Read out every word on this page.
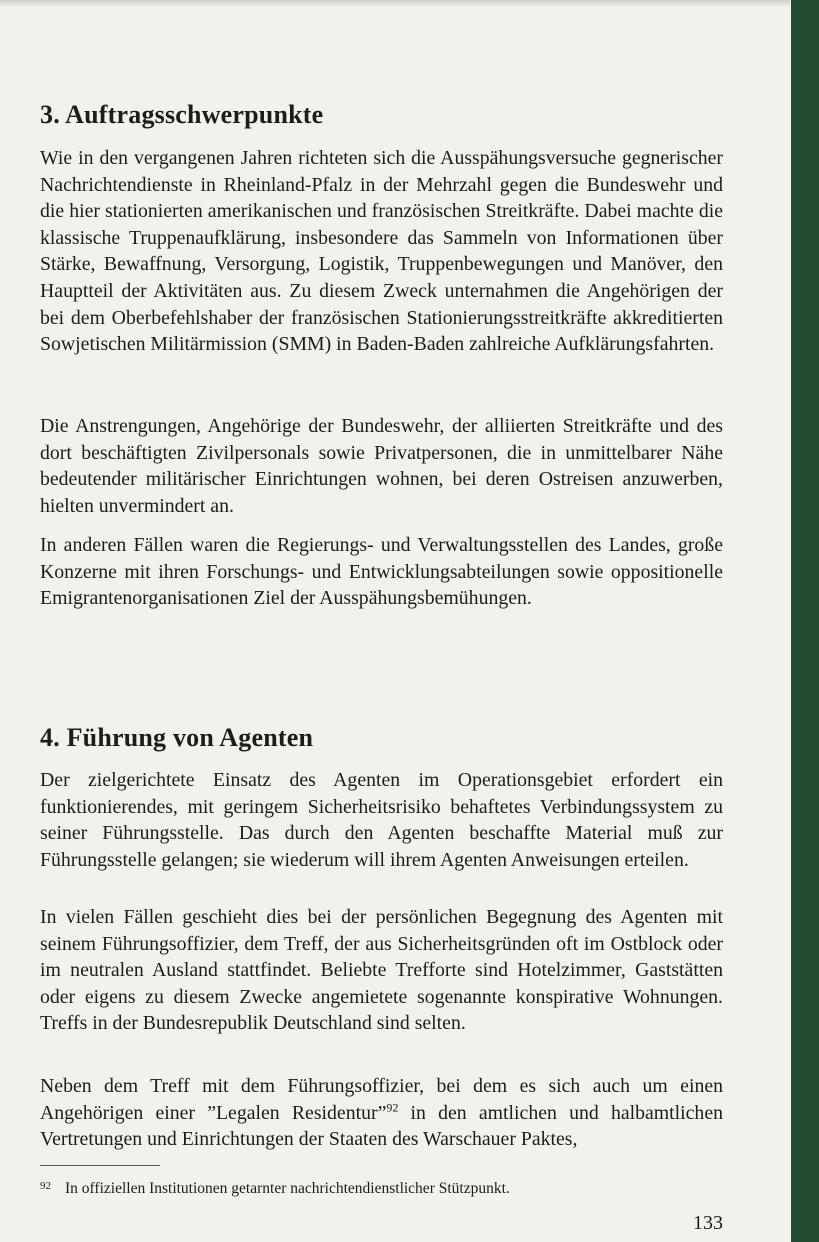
3. Auftragsschwerpunkte

Wie in den vergangenen Jahren richteten sich die Ausspähungsversuche gegnerischer Nachrichtendienste in Rheinland-Pfalz in der Mehrzahl gegen die Bundeswehr und die hier stationierten amerikanischen und französischen Streitkräfte. Dabei machte die klassische Truppenaufklärung, insbesondere das Sammeln von Informationen über Stärke, Bewaffnung, Versorgung, Logistik, Truppenbewegungen und Manöver, den Hauptteil der Aktivitäten aus. Zu diesem Zweck unternahmen die Angehörigen der bei dem Oberbefehlshaber der französischen Stationierungsstreitkräfte akkreditierten Sowjetischen Militärmission (SMM) in Baden-Baden zahlreiche Aufklärungsfahrten.

Die Anstrengungen, Angehörige der Bundeswehr, der alliierten Streitkräfte und des dort beschäftigten Zivilpersonals sowie Privatpersonen, die in unmittelbarer Nähe bedeutender militärischer Einrichtungen wohnen, bei deren Ostreisen anzuwerben, hielten unvermindert an.

In anderen Fällen waren die Regierungs- und Verwaltungsstellen des Landes, große Konzerne mit ihren Forschungs- und Entwicklungsabteilungen sowie oppositionelle Emigrantenorganisationen Ziel der Ausspähungsbemühungen.

4. Führung von Agenten

Der zielgerichtete Einsatz des Agenten im Operationsgebiet erfordert ein funktionierendes, mit geringem Sicherheitsrisiko behaftetes Verbindungssystem zu seiner Führungsstelle. Das durch den Agenten beschaffte Material muß zur Führungsstelle gelangen; sie wiederum will ihrem Agenten Anweisungen erteilen.

In vielen Fällen geschieht dies bei der persönlichen Begegnung des Agenten mit seinem Führungsoffizier, dem Treff, der aus Sicherheitsgründen oft im Ostblock oder im neutralen Ausland stattfindet. Beliebte Trefforte sind Hotelzimmer, Gaststätten oder eigens zu diesem Zwecke angemietete sogenannte konspirative Wohnungen. Treffs in der Bundesrepublik Deutschland sind selten.

Neben dem Treff mit dem Führungsoffizier, bei dem es sich auch um einen Angehörigen einer ”Legalen Residentur”$^{92}$ in den amtlichen und halbamtlichen Vertretungen und Einrichtungen der Staaten des Warschauer Paktes,

$^{92}$ In offiziellen Institutionen getarnter nachrichtendienstlicher Stützpunkt.
133
